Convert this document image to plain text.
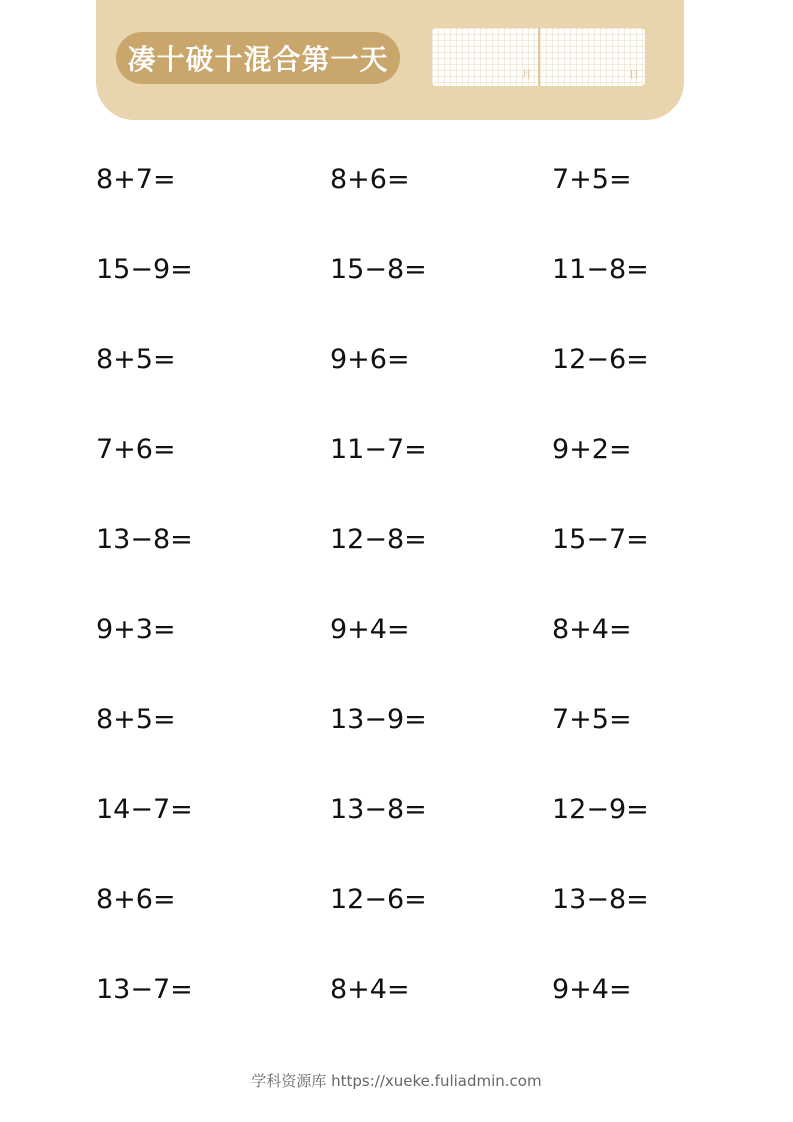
凑十破十混合第一天	月	日
8+7=	8+6=	7+5=
15−9=	15−8=	11−8=
8+5=	9+6=	12−6=
7+6=	11−7=	9+2=
13−8=	12−8=	15−7=
9+3=	9+4=	8+4=
8+5=	13−9=	7+5=
14−7=	13−8=	12−9=
8+6=	12−6=	13−8=
13−7=	8+4=	9+4=
学科资源库 https://xueke.fuliadmin.com
